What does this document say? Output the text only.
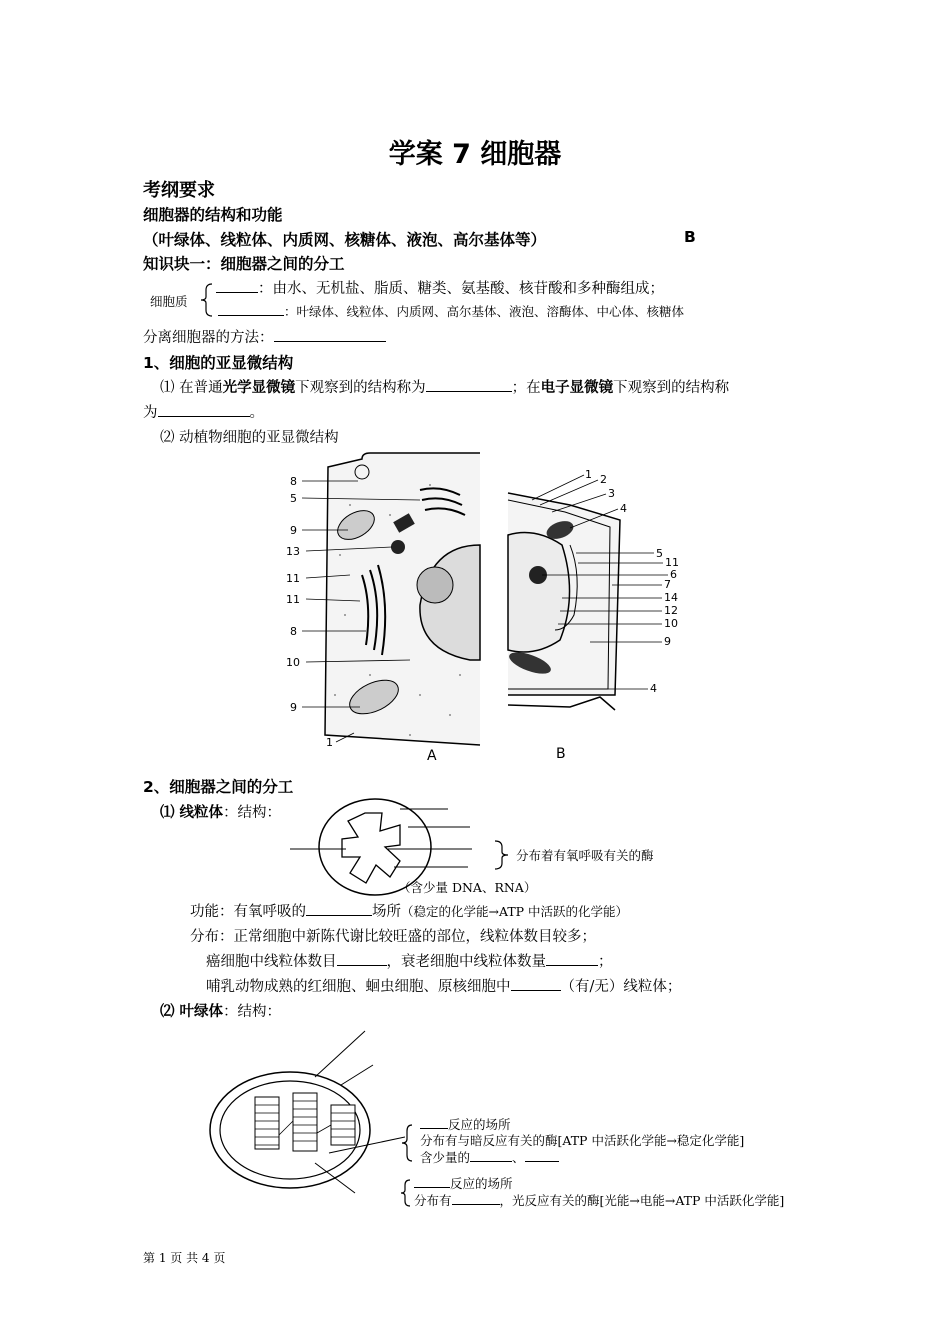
学案 7 细胞器
考纲要求
细胞器的结构和功能
（叶绿体、线粒体、内质网、核糖体、液泡、高尔基体等）	B
知识块一：细胞器之间的分工
细胞质
：由水、无机盐、脂质、糖类、氨基酸、核苷酸和多种酶组成；
：叶绿体、线粒体、内质网、高尔基体、液泡、溶酶体、中心体、核糖体
分离细胞器的方法：
1、细胞的亚显微结构
⑴ 在普通光学显微镜下观察到的结构称为	；在电子显微镜下观察到的结构称
为	。
⑵ 动植物细胞的亚显微结构
8
5
9
13
11
11
8
10
9
1
A
1 2
3
4
5
11
6
7
14
12
10
9
4
B
2、细胞器之间的分工
⑴ 线粒体：结构：
分布着有氧呼吸有关的酶
（含少量 DNA、RNA）
功能：有氧呼吸的	场所（稳定的化学能→ATP 中活跃的化学能）
分布：正常细胞中新陈代谢比较旺盛的部位，线粒体数目较多；
癌细胞中线粒体数目	，衰老细胞中线粒体数量	；
哺乳动物成熟的红细胞、蛔虫细胞、原核细胞中	（有/无）线粒体；
⑵ 叶绿体：结构：
反应的场所
分布有与暗反应有关的酶[ATP 中活跃化学能→稳定化学能]
含少量的	、
反应的场所
分布有	，光反应有关的酶[光能→电能→ATP 中活跃化学能]
第 1 页 共 4 页
